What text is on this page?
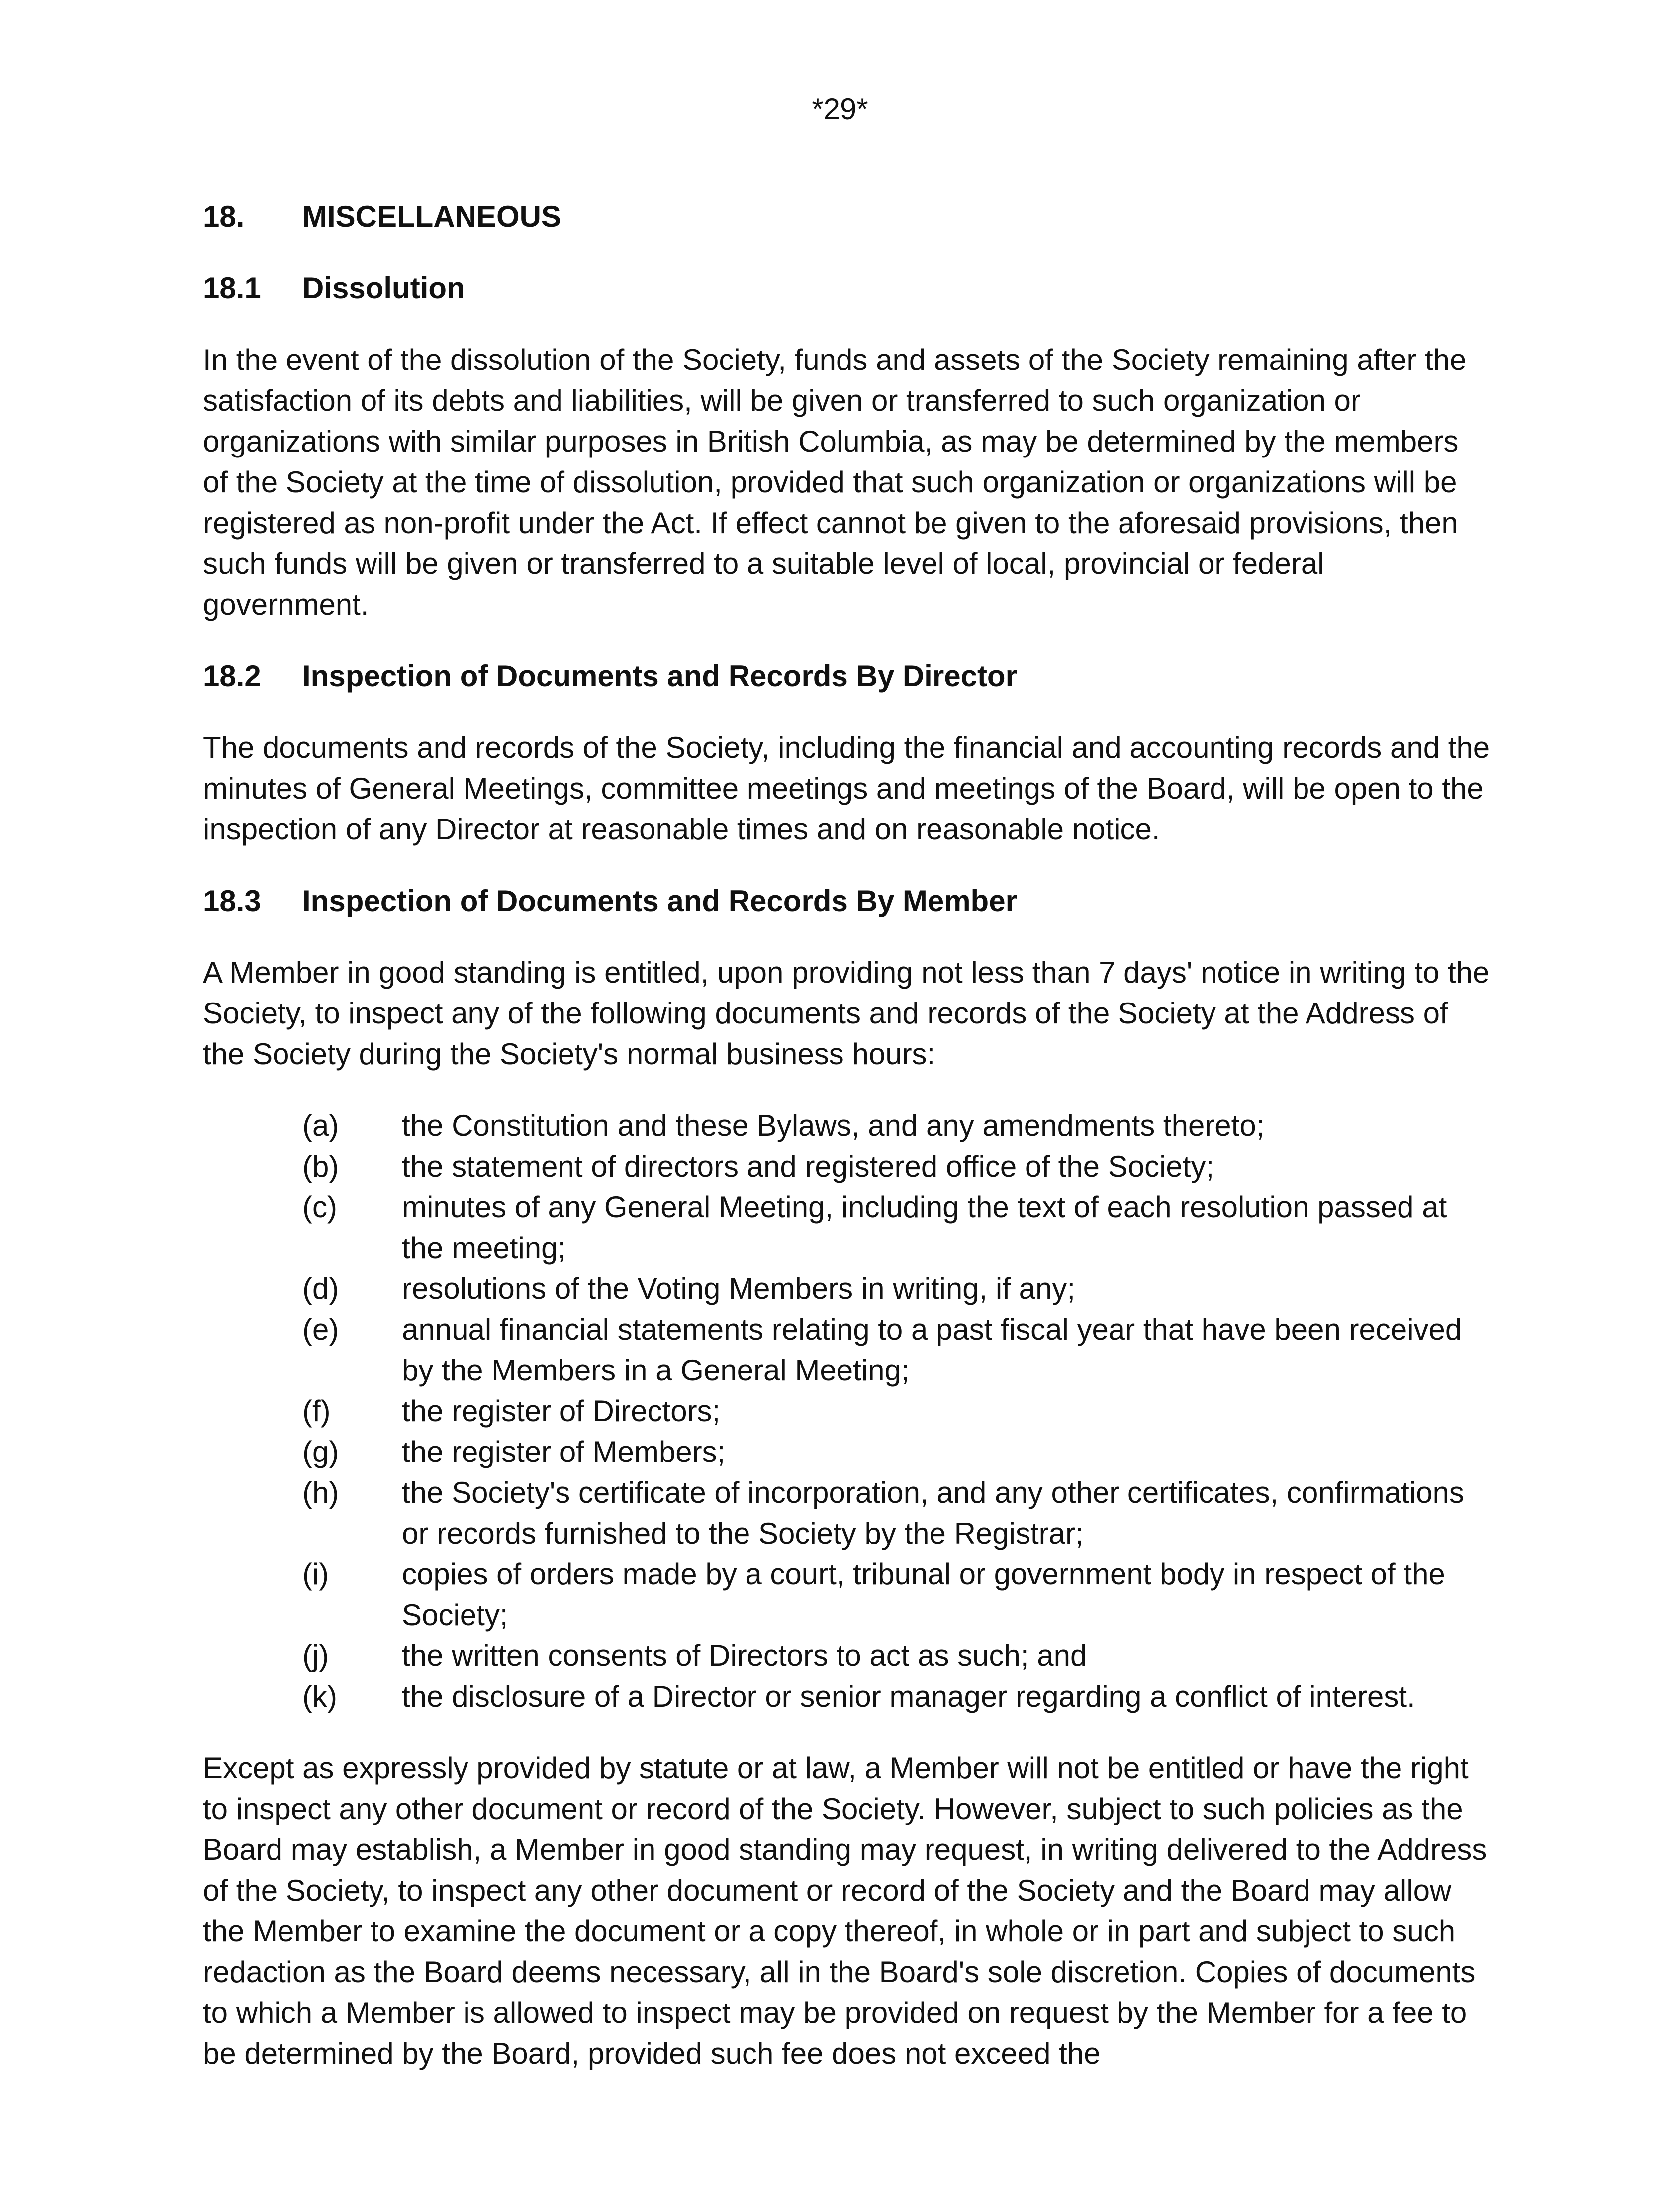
*29*
18.	MISCELLANEOUS
18.1	Dissolution

In the event of the dissolution of the Society, funds and assets of the Society remaining after the satisfaction of its debts and liabilities, will be given or transferred to such organization or organizations with similar purposes in British Columbia, as may be determined by the members of the Society at the time of dissolution, provided that such organization or organizations will be registered as non-profit under the Act. If effect cannot be given to the aforesaid provisions, then such funds will be given or transferred to a suitable level of local, provincial or federal government.

18.2	Inspection of Documents and Records By Director

The documents and records of the Society, including the financial and accounting records and the minutes of General Meetings, committee meetings and meetings of the Board, will be open to the inspection of any Director at reasonable times and on reasonable notice.

18.3	Inspection of Documents and Records By Member

A Member in good standing is entitled, upon providing not less than 7 days' notice in writing to the Society, to inspect any of the following documents and records of the Society at the Address of the Society during the Society's normal business hours:

(a)	the Constitution and these Bylaws, and any amendments thereto;
(b)	the statement of directors and registered office of the Society;
(c)	minutes of any General Meeting, including the text of each resolution passed at the meeting;
(d)	resolutions of the Voting Members in writing, if any;
(e)	annual financial statements relating to a past fiscal year that have been received by the Members in a General Meeting;
(f)	the register of Directors;
(g)	the register of Members;
(h)	the Society's certificate of incorporation, and any other certificates, confirmations or records furnished to the Society by the Registrar;
(i)	copies of orders made by a court, tribunal or government body in respect of the Society;
(j)	the written consents of Directors to act as such; and
(k)	the disclosure of a Director or senior manager regarding a conflict of interest.

Except as expressly provided by statute or at law, a Member will not be entitled or have the right to inspect any other document or record of the Society. However, subject to such policies as the Board may establish, a Member in good standing may request, in writing delivered to the Address of the Society, to inspect any other document or record of the Society and the Board may allow the Member to examine the document or a copy thereof, in whole or in part and subject to such redaction as the Board deems necessary, all in the Board's sole discretion. Copies of documents to which a Member is allowed to inspect may be provided on request by the Member for a fee to be determined by the Board, provided such fee does not exceed the
